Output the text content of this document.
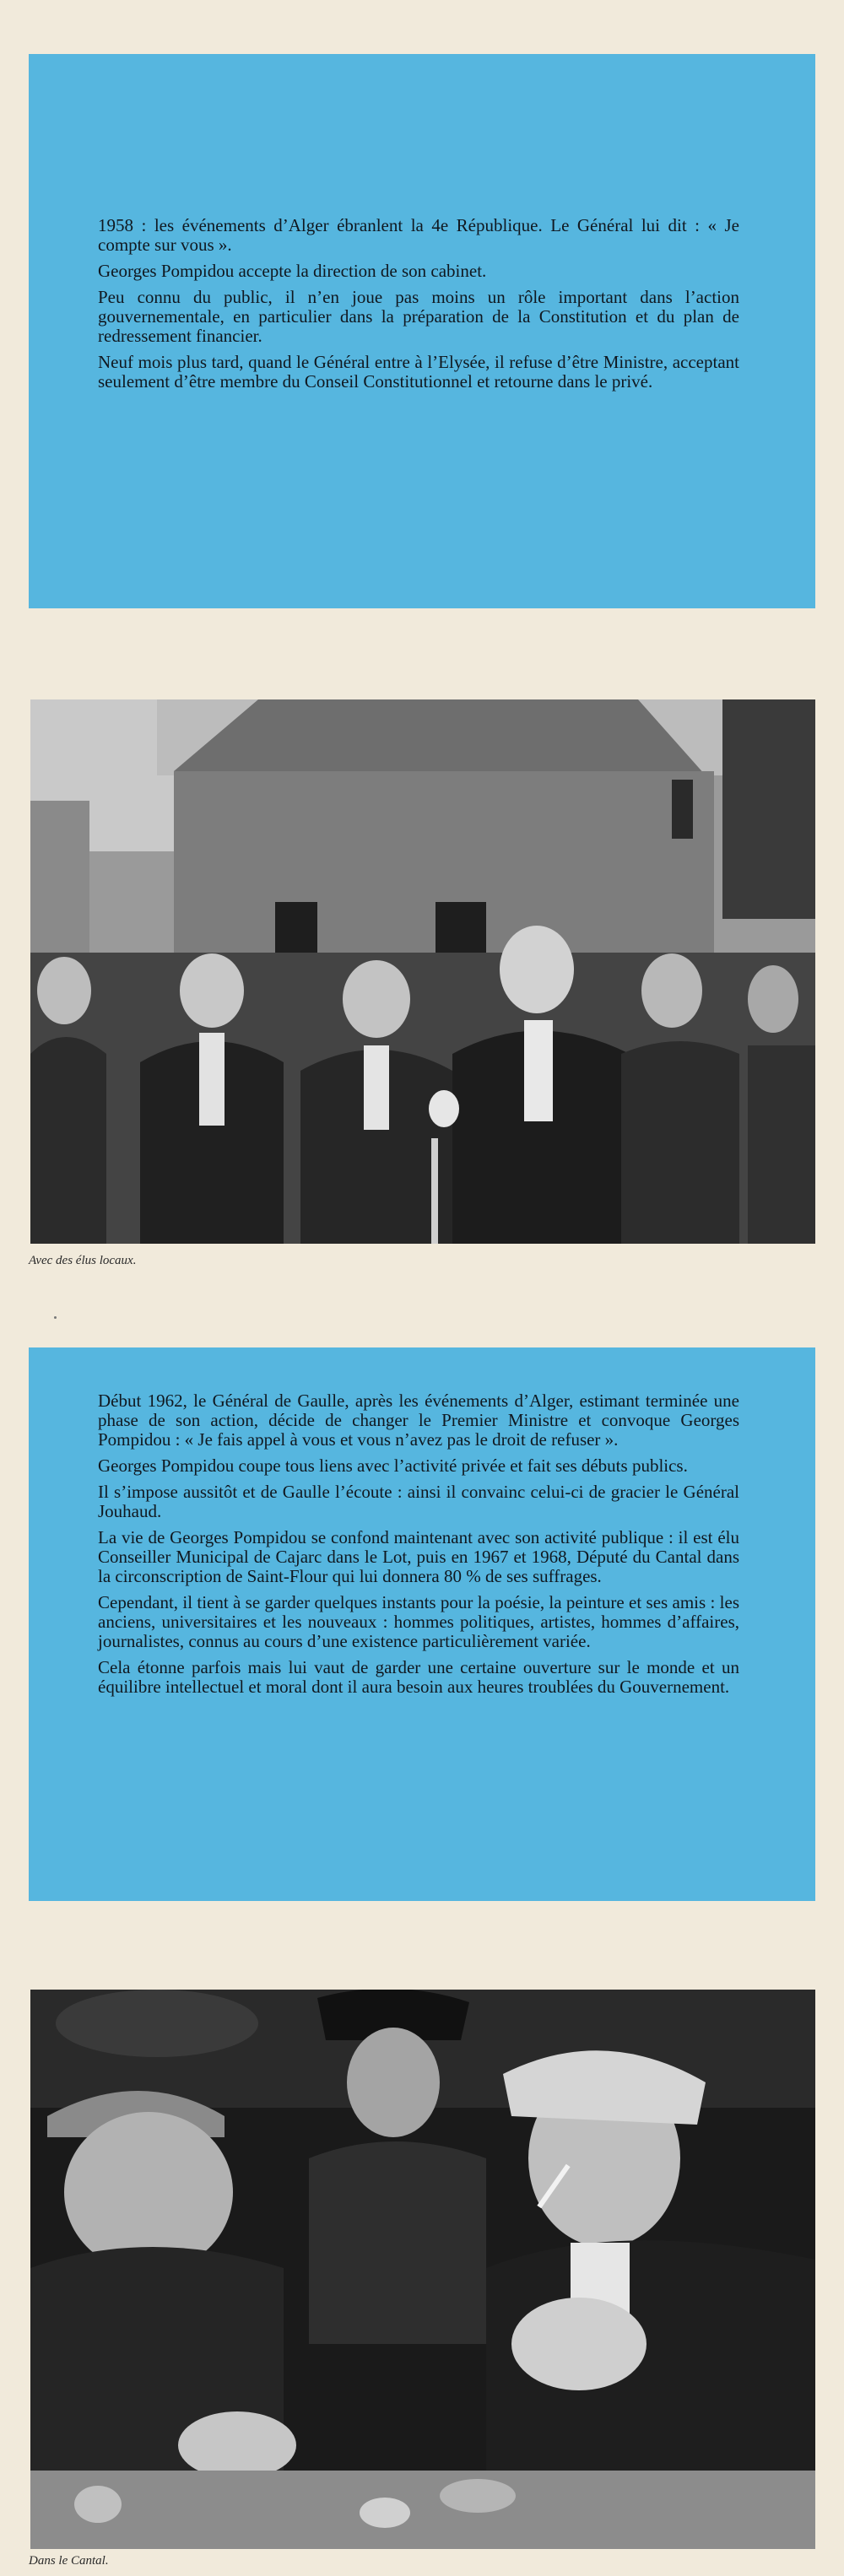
1958 : les événements d’Alger ébranlent la 4e République. Le Général lui dit : « Je compte sur vous ».

Georges Pompidou accepte la direction de son cabinet.

Peu connu du public, il n’en joue pas moins un rôle important dans l’action gouvernementale, en particulier dans la préparation de la Constitution et du plan de redressement financier.

Neuf mois plus tard, quand le Général entre à l’Elysée, il refuse d’être Ministre, acceptant seulement d’être membre du Conseil Constitutionnel et retourne dans le privé.

Avec des élus locaux.

Début 1962, le Général de Gaulle, après les événements d’Alger, estimant terminée une phase de son action, décide de changer le Premier Ministre et convoque Georges Pompidou : « Je fais appel à vous et vous n’avez pas le droit de refuser ».

Georges Pompidou coupe tous liens avec l’activité privée et fait ses débuts publics.

Il s’impose aussitôt et de Gaulle l’écoute : ainsi il convainc celui-ci de gracier le Général Jouhaud.

La vie de Georges Pompidou se confond maintenant avec son activité publique : il est élu Conseiller Municipal de Cajarc dans le Lot, puis en 1967 et 1968, Député du Cantal dans la circonscription de Saint-Flour qui lui donnera 80 % de ses suffrages.

Cependant, il tient à se garder quelques instants pour la poésie, la peinture et ses amis : les anciens, universitaires et les nouveaux : hommes politiques, artistes, hommes d’affaires, journalistes, connus au cours d’une existence particulièrement variée.

Cela étonne parfois mais lui vaut de garder une certaine ouverture sur le monde et un équilibre intellectuel et moral dont il aura besoin aux heures troublées du Gouvernement.

Dans le Cantal.
